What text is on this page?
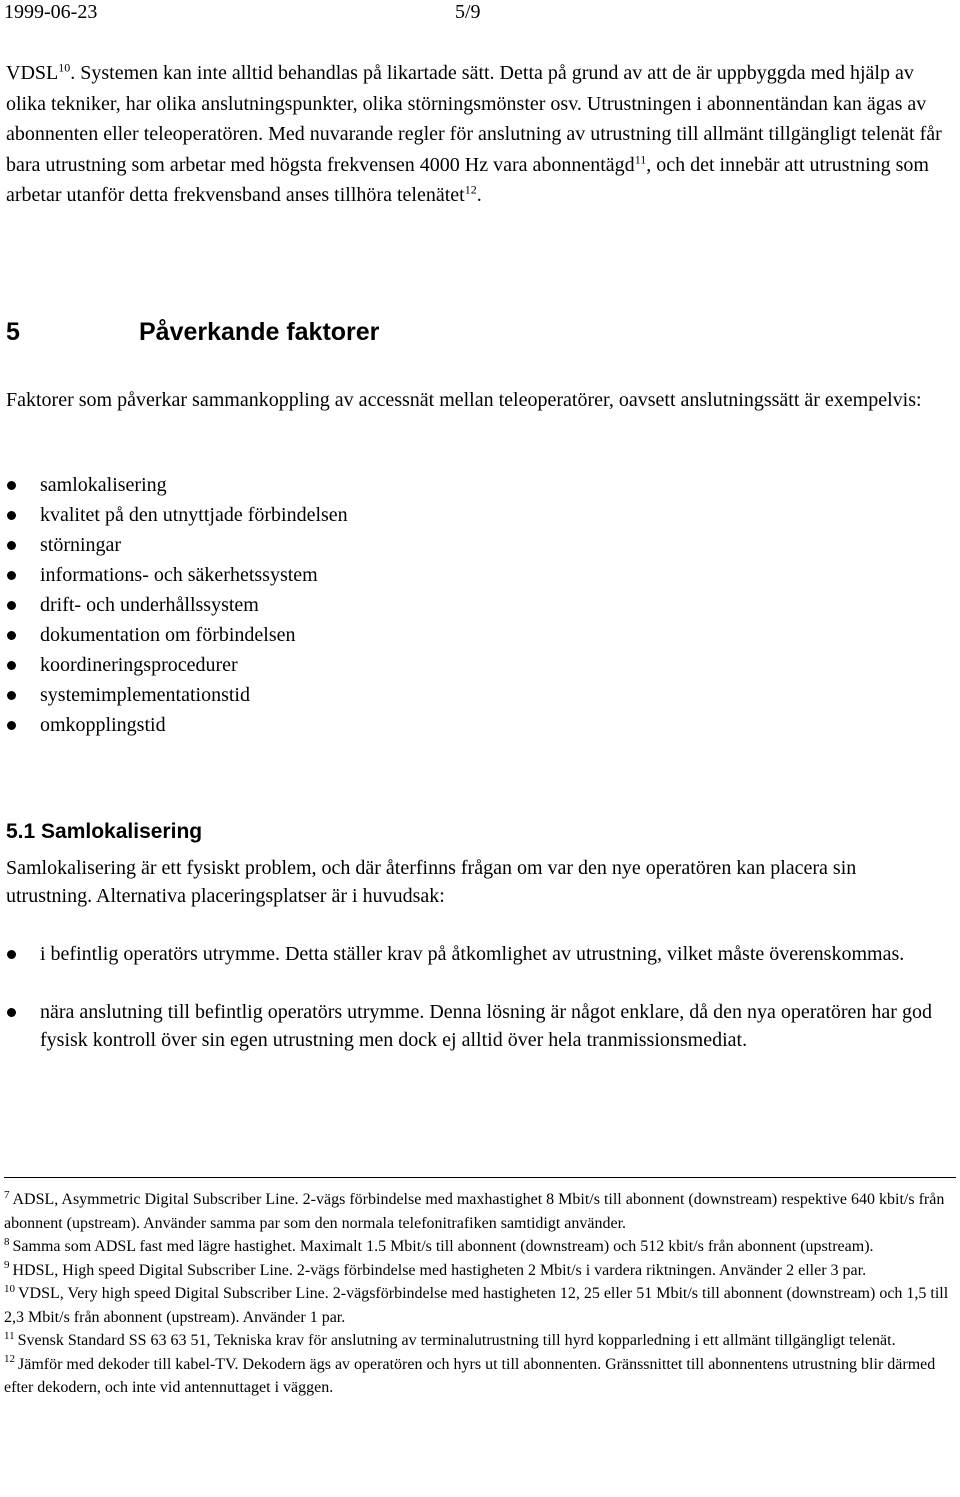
1999-06-23	5/9
VDSL$^{10}$. Systemen kan inte alltid behandlas på likartade sätt. Detta på grund av att de är uppbyggda med hjälp av olika tekniker, har olika anslutningspunkter, olika störningsmönster osv. Utrustningen i abonnentändan kan ägas av abonnenten eller teleoperatören. Med nuvarande regler för anslutning av utrustning till allmänt tillgängligt telenät får bara utrustning som arbetar med högsta frekvensen 4000 Hz vara abonnentägd$^{11}$, och det innebär att utrustning som arbetar utanför detta frekvensband anses tillhöra telenätet$^{12}$.
5	Påverkande faktorer
Faktorer som påverkar sammankoppling av accessnät mellan teleoperatörer, oavsett anslutningssätt är exempelvis:
samlokalisering
kvalitet på den utnyttjade förbindelsen
störningar
informations- och säkerhetssystem
drift- och underhållssystem
dokumentation om förbindelsen
koordineringsprocedurer
systemimplementationstid
omkopplingstid
5.1 Samlokalisering
Samlokalisering är ett fysiskt problem, och där återfinns frågan om var den nye operatören kan placera sin utrustning. Alternativa placeringsplatser är i huvudsak:
i befintlig operatörs utrymme. Detta ställer krav på åtkomlighet av utrustning, vilket måste överenskommas.
nära anslutning till befintlig operatörs utrymme. Denna lösning är något enklare, då den nya operatören har god fysisk kontroll över sin egen utrustning men dock ej alltid över hela tranmissionsmediat.

$^7$ ADSL, Asymmetric Digital Subscriber Line. 2-vägs förbindelse med maxhastighet 8 Mbit/s till abonnent (downstream) respektive 640 kbit/s från abonnent (upstream). Använder samma par som den normala telefonitrafiken samtidigt använder.

$^8$ Samma som ADSL fast med lägre hastighet. Maximalt 1.5 Mbit/s till abonnent (downstream) och 512 kbit/s från abonnent (upstream).

$^9$ HDSL, High speed Digital Subscriber Line. 2-vägs förbindelse med hastigheten 2 Mbit/s i vardera riktningen. Använder 2 eller 3 par.

$^{10}$ VDSL, Very high speed Digital Subscriber Line. 2-vägsförbindelse med hastigheten 12, 25 eller 51 Mbit/s till abonnent (downstream) och 1,5 till 2,3 Mbit/s från abonnent (upstream). Använder 1 par.

$^{11}$ Svensk Standard SS 63 63 51, Tekniska krav för anslutning av terminalutrustning till hyrd kopparledning i ett allmänt tillgängligt telenät.

$^{12}$ Jämför med dekoder till kabel-TV. Dekodern ägs av operatören och hyrs ut till abonnenten. Gränssnittet till abonnentens utrustning blir därmed efter dekodern, och inte vid antennuttaget i väggen.
